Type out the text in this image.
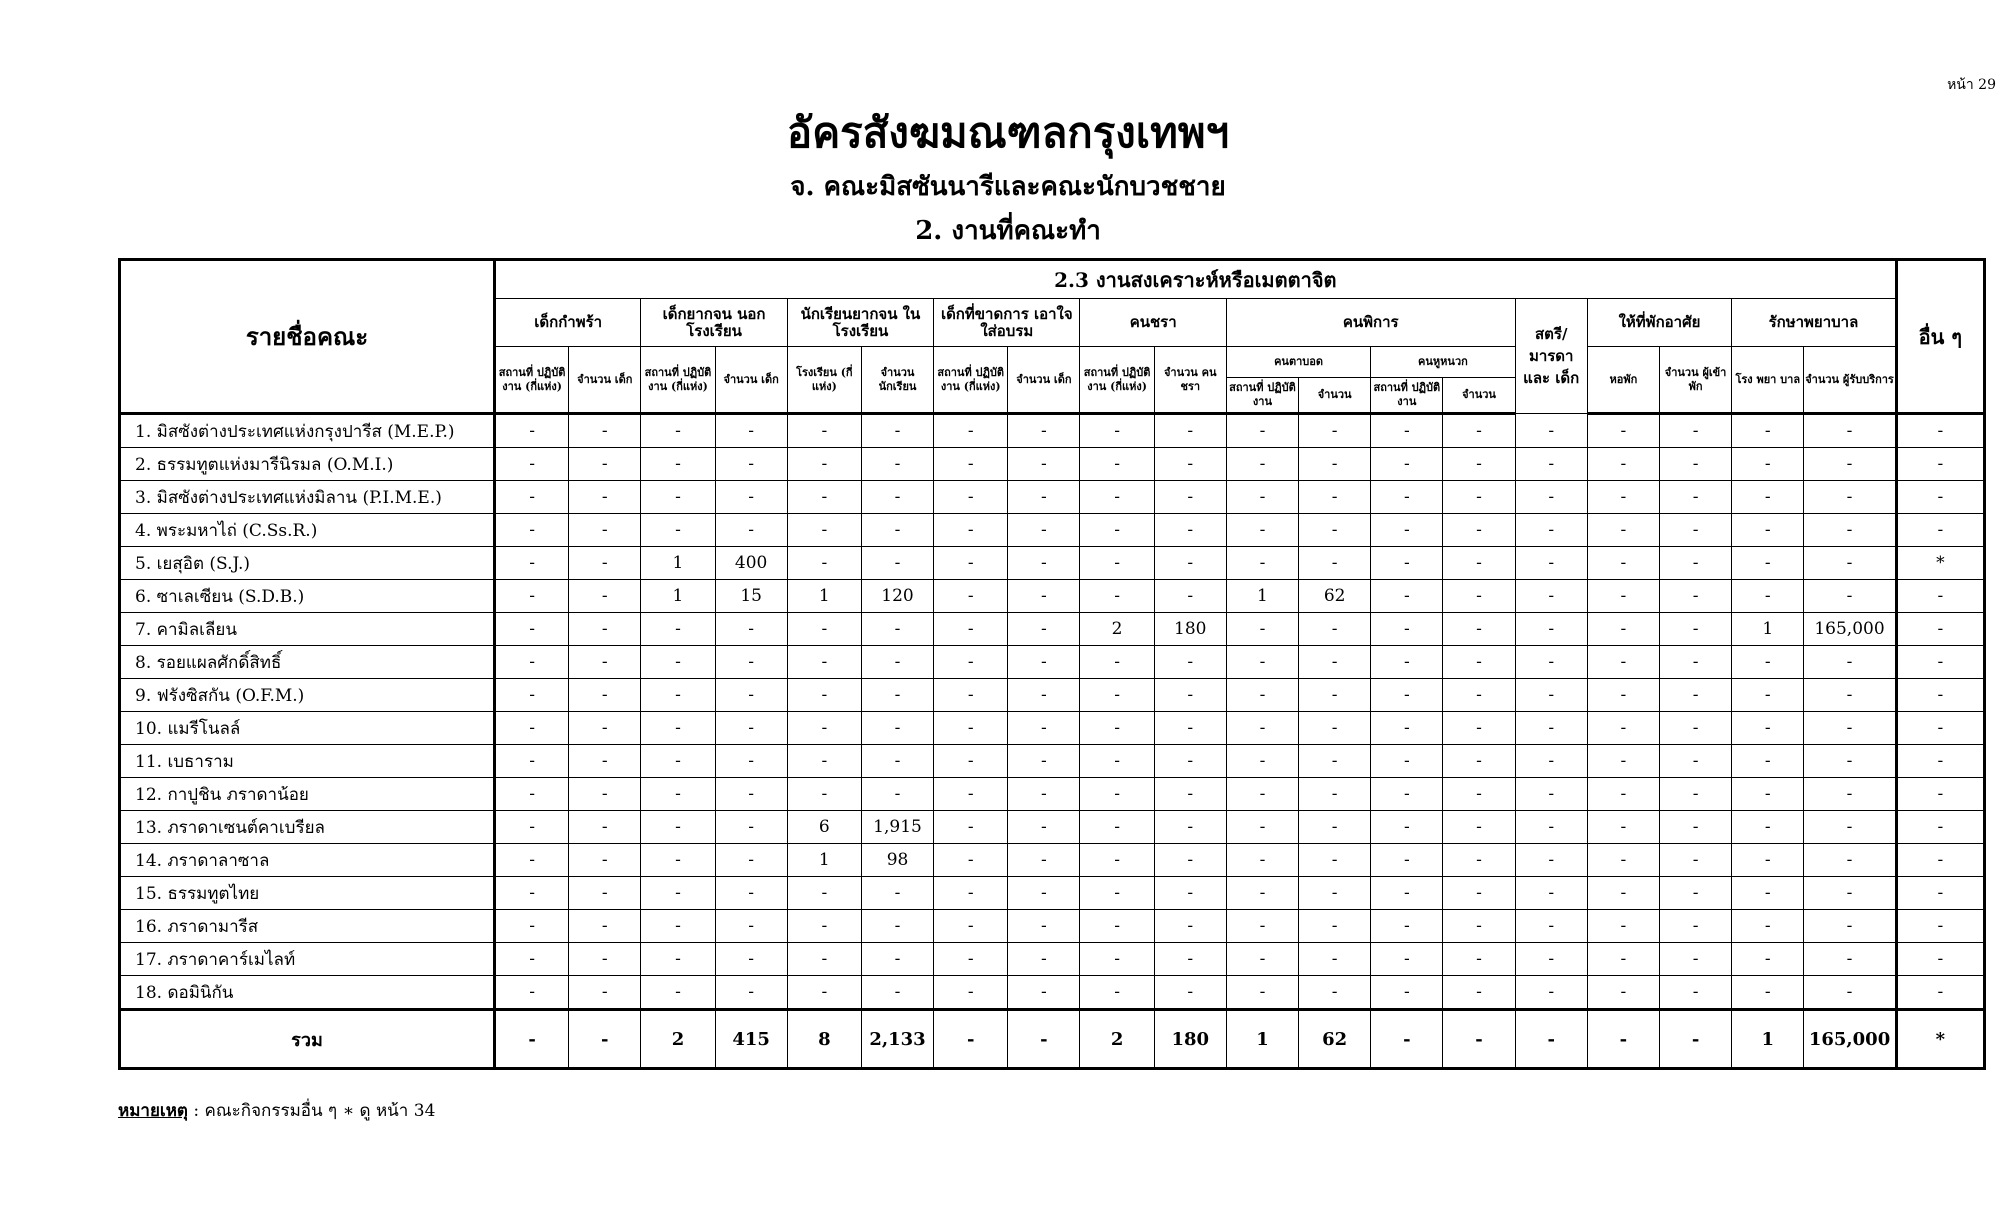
หน้า 29
อัครสังฆมณฑลกรุงเทพฯ
จ. คณะมิสซันนารีและคณะนักบวชชาย
2. งานที่คณะทำ
รายชื่อคณะ	2.3 งานสงเคราะห์หรือเมตตาจิต																			อื่น ๆ
	เด็กกำพร้า		เด็กยากจน นอกโรงเรียน		นักเรียนยากจน ในโรงเรียน		เด็กที่ขาดการ เอาใจใส่อบรม		คนชรา		คนพิการ				สตรี/ มารดา และ เด็ก	ให้ที่พักอาศัย		รักษาพยาบาล		
	สถานที่ ปฏิบัติงาน (กี่แห่ง)	จำนวน เด็ก	สถานที่ ปฏิบัติงาน (กี่แห่ง)	จำนวน เด็ก	โรงเรียน (กี่แห่ง)	จำนวน นักเรียน	สถานที่ ปฏิบัติงาน (กี่แห่ง)	จำนวน เด็ก	สถานที่ ปฏิบัติงาน (กี่แห่ง)	จำนวน คนชรา	คนตาบอด		คนหูหนวก			หอพัก	จำนวน ผู้เข้าพัก	โรง พยา บาล	จำนวน ผู้รับบริการ	
											สถานที่ ปฏิบัติงาน	จำนวน	สถานที่ ปฏิบัติงาน	จำนวน						
1. มิสซังต่างประเทศแห่งกรุงปารีส (M.E.P.)	-	-	-	-	-	-	-	-	-	-	-	-	-	-	-	-	-	-	-	-
2. ธรรมทูตแห่งมารีนิรมล (O.M.I.)	-	-	-	-	-	-	-	-	-	-	-	-	-	-	-	-	-	-	-	-
3. มิสซังต่างประเทศแห่งมิลาน (P.I.M.E.)	-	-	-	-	-	-	-	-	-	-	-	-	-	-	-	-	-	-	-	-
4. พระมหาไถ่ (C.Ss.R.)	-	-	-	-	-	-	-	-	-	-	-	-	-	-	-	-	-	-	-	-
5. เยสุอิต (S.J.)	-	-	1	400	-	-	-	-	-	-	-	-	-	-	-	-	-	-	-	*
6. ซาเลเซียน (S.D.B.)	-	-	1	15	1	120	-	-	-	-	1	62	-	-	-	-	-	-	-	-
7. คามิลเลียน	-	-	-	-	-	-	-	-	2	180	-	-	-	-	-	-	-	1	165,000	-
8. รอยแผลศักดิ์สิทธิ์	-	-	-	-	-	-	-	-	-	-	-	-	-	-	-	-	-	-	-	-
9. ฟรังซิสกัน (O.F.M.)	-	-	-	-	-	-	-	-	-	-	-	-	-	-	-	-	-	-	-	-
10. แมรีโนลล์	-	-	-	-	-	-	-	-	-	-	-	-	-	-	-	-	-	-	-	-
11. เบธาราม	-	-	-	-	-	-	-	-	-	-	-	-	-	-	-	-	-	-	-	-
12. กาปูชิน ภราดาน้อย	-	-	-	-	-	-	-	-	-	-	-	-	-	-	-	-	-	-	-	-
13. ภราดาเซนต์คาเบรียล	-	-	-	-	6	1,915	-	-	-	-	-	-	-	-	-	-	-	-	-	-
14. ภราดาลาซาล	-	-	-	-	1	98	-	-	-	-	-	-	-	-	-	-	-	-	-	-
15. ธรรมทูตไทย	-	-	-	-	-	-	-	-	-	-	-	-	-	-	-	-	-	-	-	-
16. ภราดามารีส	-	-	-	-	-	-	-	-	-	-	-	-	-	-	-	-	-	-	-	-
17. ภราดาคาร์เมไลท์	-	-	-	-	-	-	-	-	-	-	-	-	-	-	-	-	-	-	-	-
18. ดอมินิกัน	-	-	-	-	-	-	-	-	-	-	-	-	-	-	-	-	-	-	-	-
รวม	-	-	2	415	8	2,133	-	-	2	180	1	62	-	-	-	-	-	1	165,000	*
หมายเหตุ : คณะกิจกรรมอื่น ๆ ∗ ดู หน้า 34
